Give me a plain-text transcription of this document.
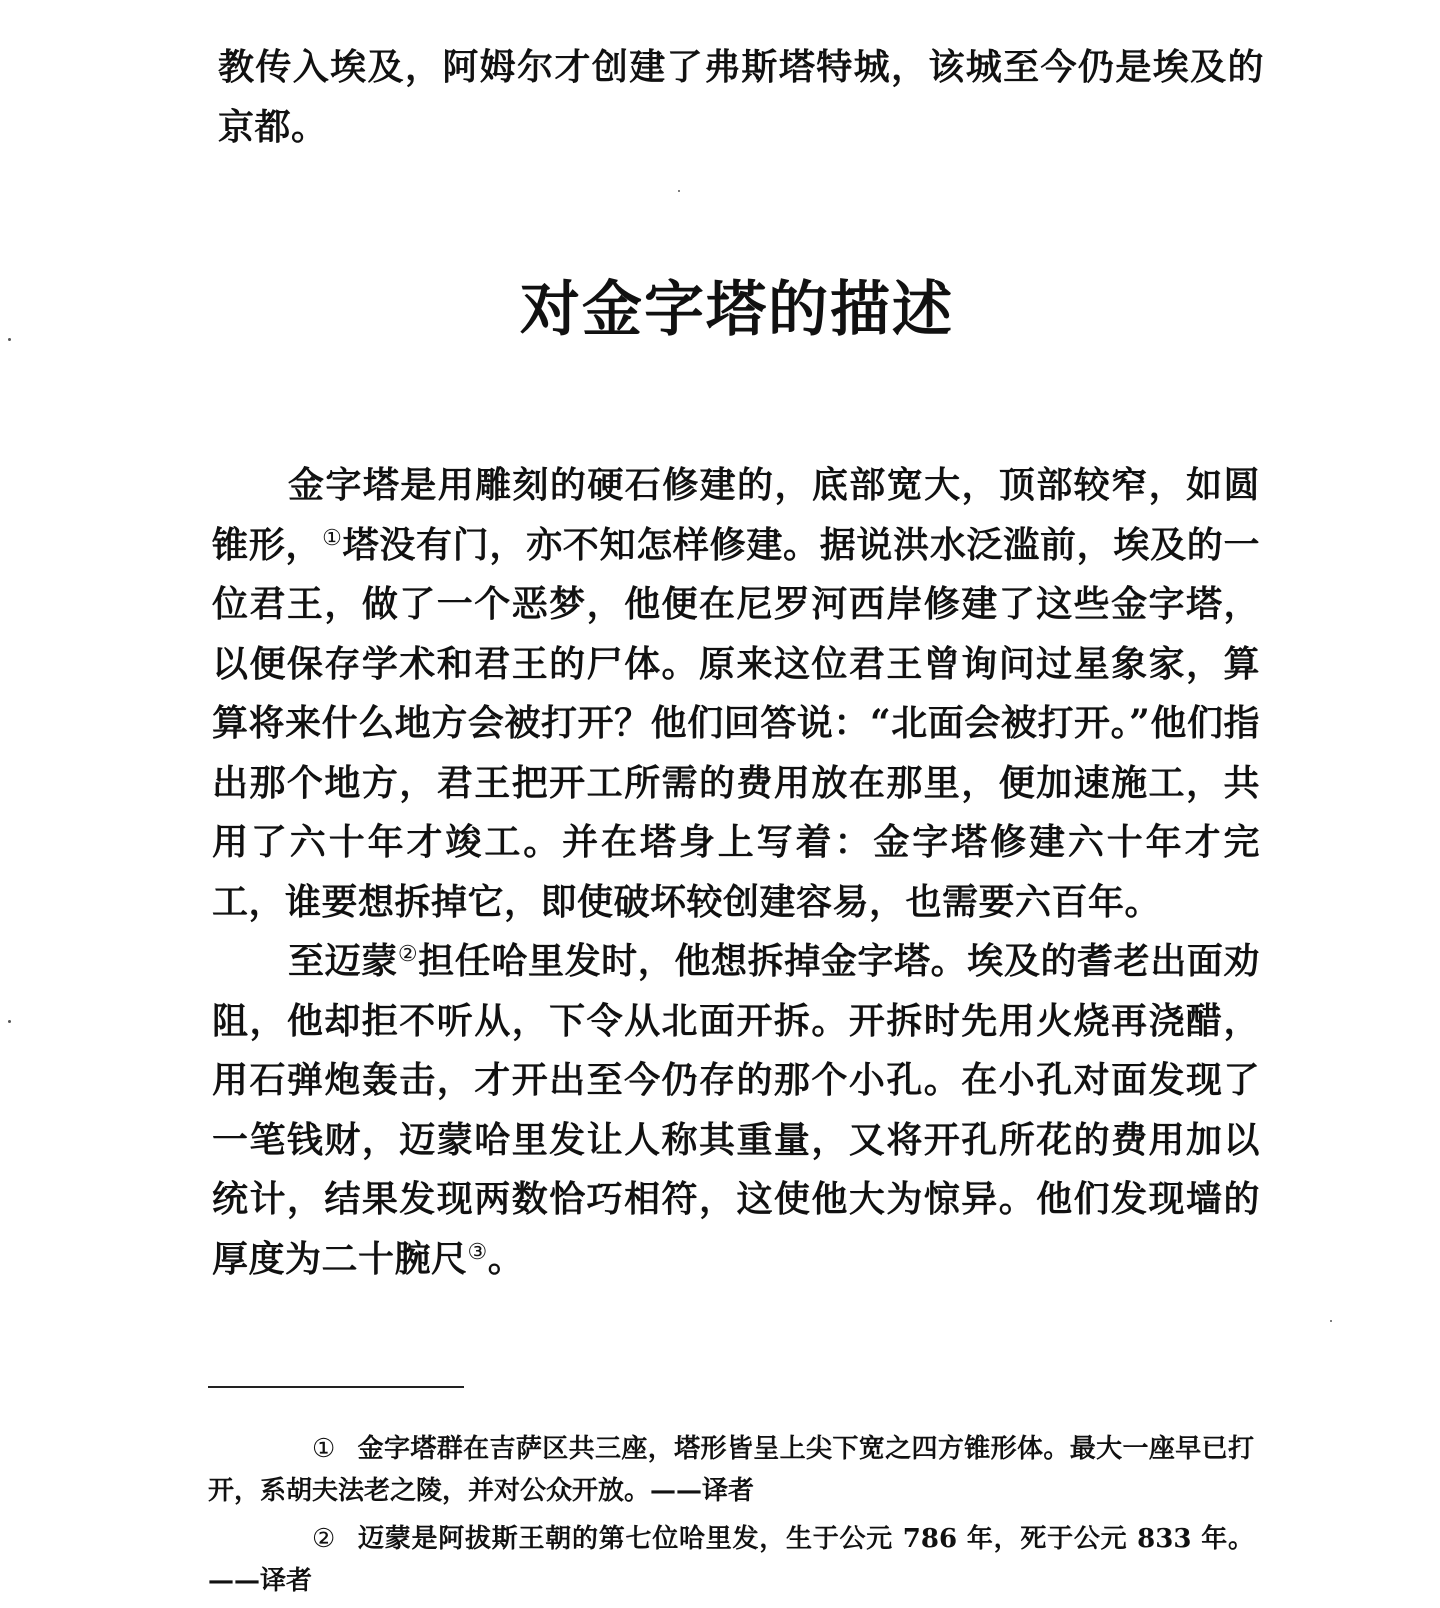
教传入埃及，阿姆尔才创建了弗斯塔特城，该城至今仍是埃及的京都。

对金字塔的描述

金字塔是用雕刻的硬石修建的，底部宽大，顶部较窄，如圆锥形，①塔没有门，亦不知怎样修建。据说洪水泛滥前，埃及的一位君王，做了一个恶梦，他便在尼罗河西岸修建了这些金字塔，以便保存学术和君王的尸体。原来这位君王曾询问过星象家，算算将来什么地方会被打开？他们回答说：“北面会被打开。”他们指出那个地方，君王把开工所需的费用放在那里，便加速施工，共用了六十年才竣工。并在塔身上写着：金字塔修建六十年才完工，谁要想拆掉它，即使破坏较创建容易，也需要六百年。

至迈蒙②担任哈里发时，他想拆掉金字塔。埃及的耆老出面劝阻，他却拒不听从，下令从北面开拆。开拆时先用火烧再浇醋，用石弹炮轰击，才开出至今仍存的那个小孔。在小孔对面发现了一笔钱财，迈蒙哈里发让人称其重量，又将开孔所花的费用加以统计，结果发现两数恰巧相符，这使他大为惊异。他们发现墙的厚度为二十腕尺③。

① 金字塔群在吉萨区共三座，塔形皆呈上尖下宽之四方锥形体。最大一座早已打开，系胡夫法老之陵，并对公众开放。——译者

② 迈蒙是阿拔斯王朝的第七位哈里发，生于公元 786 年，死于公元 833 年。——译者
